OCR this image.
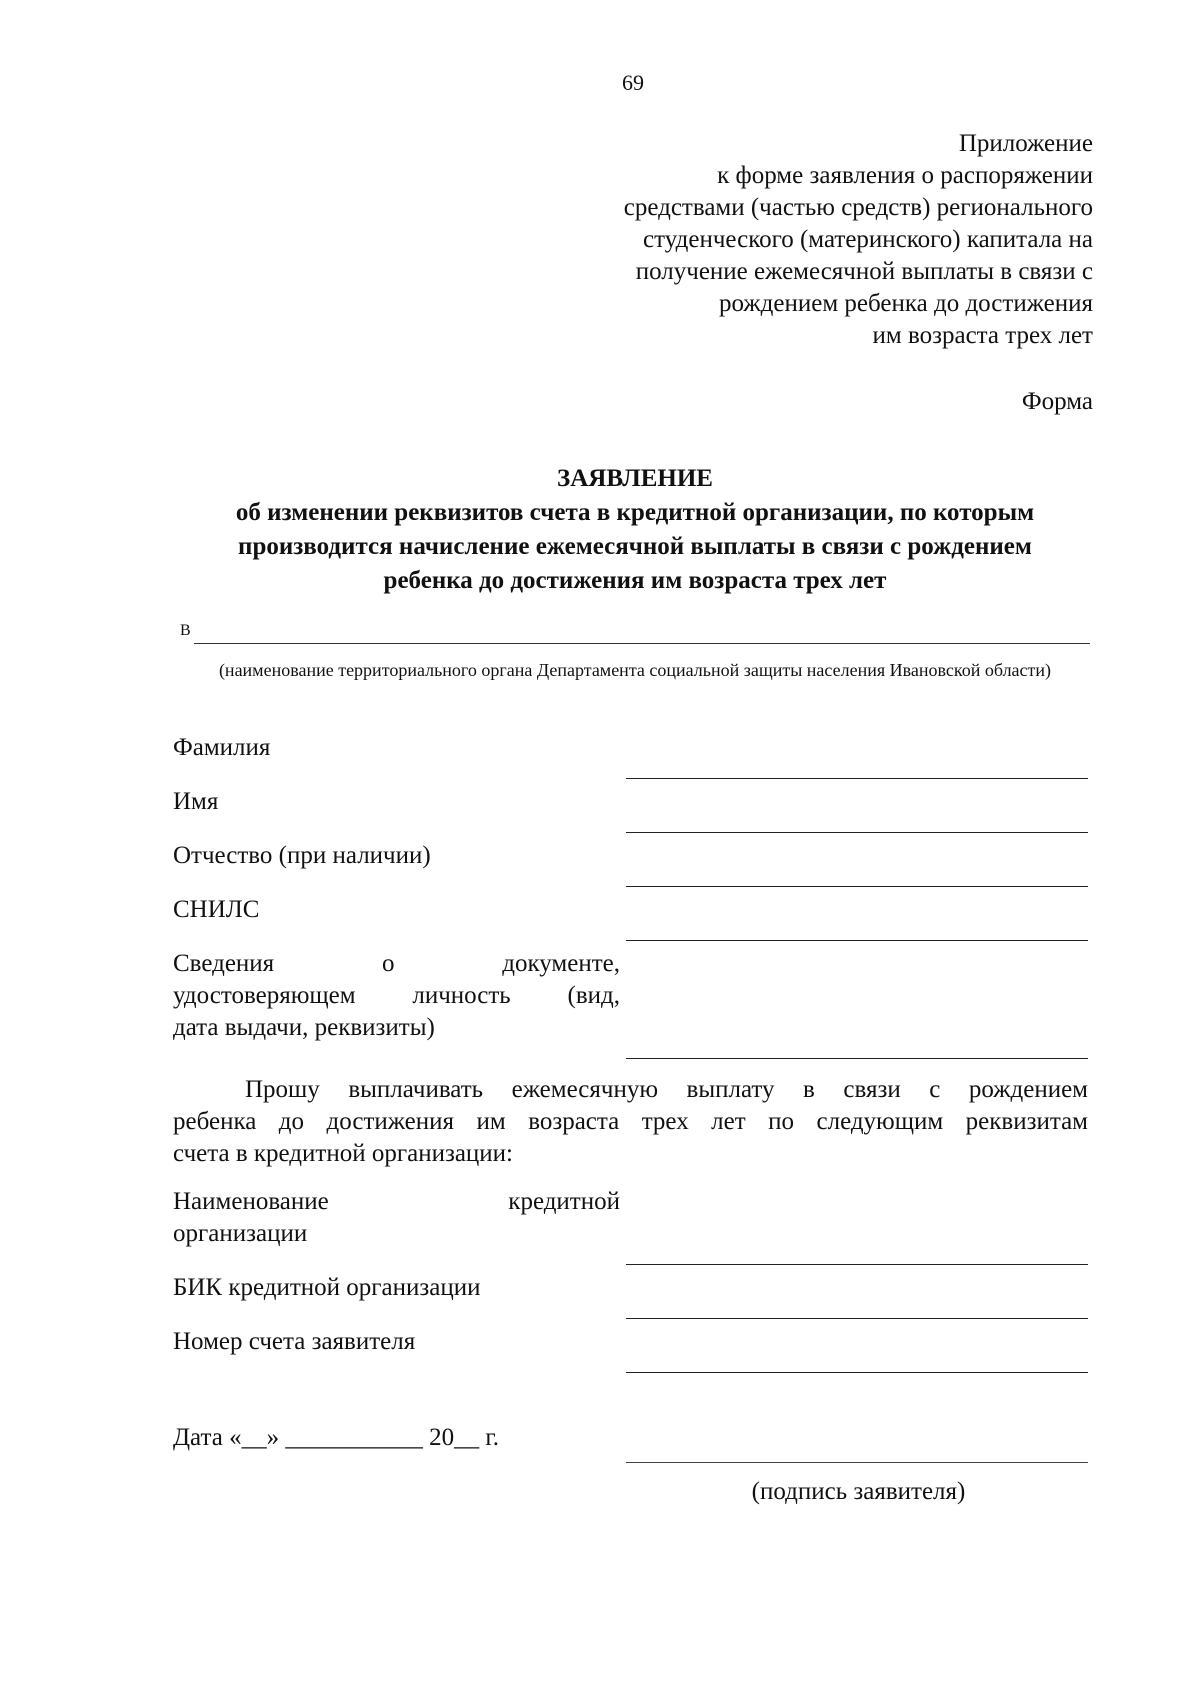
69
Приложение
к форме заявления о распоряжении
средствами (частью средств) регионального
студенческого (материнского) капитала на
получение ежемесячной выплаты в связи с
рождением ребенка до достижения
им возраста трех лет
Форма
ЗАЯВЛЕНИЕ
об изменении реквизитов счета в кредитной организации, по которым
производится начисление ежемесячной выплаты в связи с рождением
ребенка до достижения им возраста трех лет
В
(наименование территориального органа Департамента социальной защиты населения Ивановской области)
Фамилия
Имя
Отчество (при наличии)
СНИЛС
Сведения о документе,
удостоверяющем личность (вид,
дата выдачи, реквизиты)
Прошу выплачивать ежемесячную выплату в связи с рождением
ребенка до достижения им возраста трех лет по следующим реквизитам
счета в кредитной организации:
Наименование кредитной
организации
БИК кредитной организации
Номер счета заявителя
Дата «__» ___________ 20__ г.
(подпись заявителя)
